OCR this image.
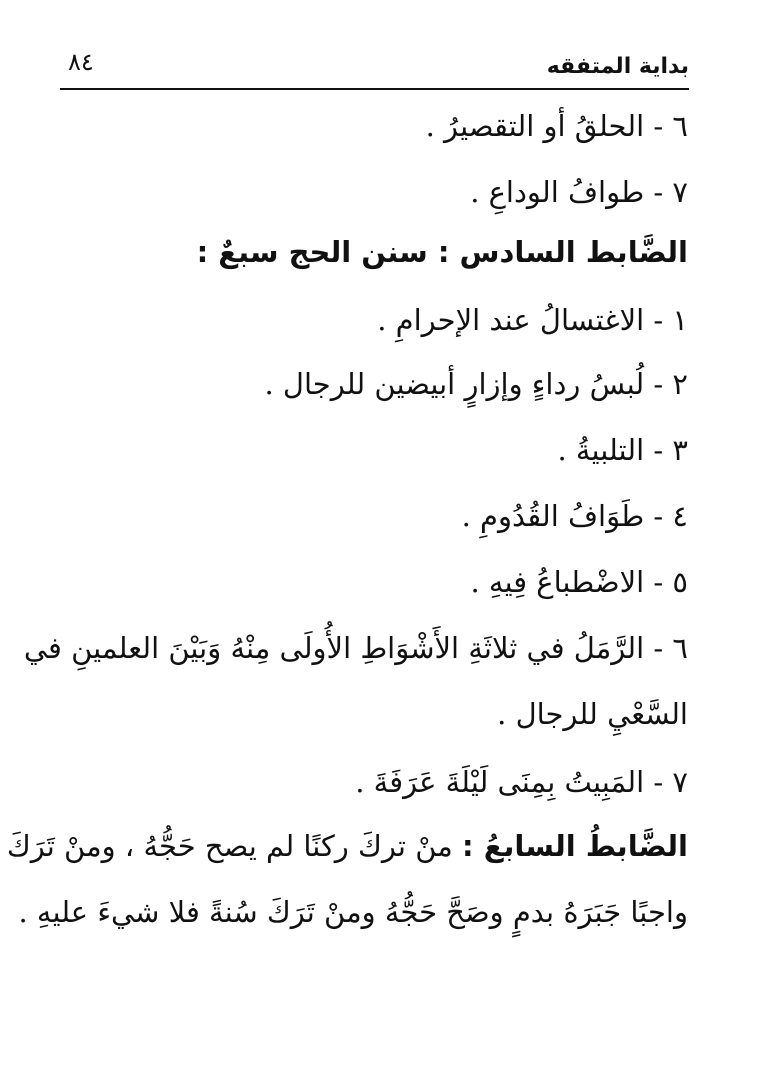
٨٤	بداية المتفقه
٦ - الحلقُ أو التقصيرُ .
٧ - طوافُ الوداعِ .
الضَّابط السادس : سنن الحج سبعٌ :
١ - الاغتسالُ عند الإحرامِ .
٢ - لُبسُ رداءٍ وإزارٍ أبيضين للرجال .
٣ - التلبيةُ .
٤ - طَوَافُ القُدُومِ .
٥ - الاضْطباعُ فِيهِ .
٦ - الرَّمَلُ في ثلاثَةِ الأَشْوَاطِ الأُولَى مِنْهُ وَبَيْنَ العلمينِ في
السَّعْيِ للرجال .
٧ - المَبِيتُ بِمِنَى لَيْلَةَ عَرَفَةَ .
الضَّابطُ السابعُ : منْ تركَ ركنًا لم يصح حَجُّهُ ، ومنْ تَرَكَ
واجبًا جَبَرَهُ بدمٍ وصَحَّ حَجُّهُ ومنْ تَرَكَ سُنةً فلا شيءَ عليهِ .
